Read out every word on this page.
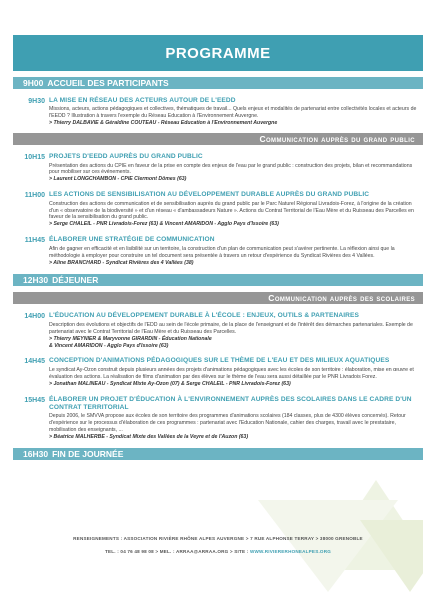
PROGRAMME
9H00 ACCUEIL DES PARTICIPANTS
9H30 LA MISE EN RÉSEAU DES ACTEURS AUTOUR DE L'EEDD
Missions, acteurs, actions pédagogiques et collectives, thématiques de travail... Quels enjeux et modalités de partenariat entre collectivités locales et acteurs de l'EEDD ? Illustration à travers l'exemple du Réseau Education à l'Environnement Auvergne.
> Thierry DALBAVIE & Géraldine COUTEAU - Réseau Education à l'Environnement Auvergne
Communication auprès du grand public
10H15 PROJETS D'EEDD AUPRÈS DU GRAND PUBLIC
Présentation des actions du CPIE en faveur de la prise en compte des enjeux de l'eau par le grand public : construction des projets, bilan et recommandations pour mobiliser sur ces événements.
> Laurent LONGCHAMBON - CPIE Clermont Dômes (63)
11H00 LES ACTIONS DE SENSIBILISATION AU DÉVELOPPEMENT DURABLE AUPRÈS DU GRAND PUBLIC
Construction des actions de communication et de sensibilisation auprès du grand public par le Parc Naturel Régional Livradois-Forez, à l'origine de la création d'un « observatoire de la biodiversité » et d'un réseau « d'ambassadeurs Nature ». Actions du Contrat Territorial de l'Eau Mère et du Ruisseau des Parcelles en faveur de la sensibilisation du grand public.
> Serge CHALEIL - PNR Livradois-Forez (63) & Vincent AMARIDON - Agglo Pays d'Issoire (63)
11H45 ÉLABORER UNE STRATÉGIE DE COMMUNICATION
Afin de gagner en efficacité et en lisibilité sur un territoire, la construction d'un plan de communication peut s'avérer pertinente. La réflexion ainsi que la méthodologie à employer pour construire un tel document sera présentée à travers un retour d'expérience du Syndicat Rivières des 4 Vallées.
> Aline BRANCHARD - Syndicat Rivières des 4 Vallées (38)
12H30 DÉJEUNER
Communication auprès des scolaires
14H00 L'ÉDUCATION AU DÉVELOPPEMENT DURABLE À L'ÉCOLE : ENJEUX, OUTILS & PARTENAIRES
Description des évolutions et objectifs de l'EDD au sein de l'école primaire, de la place de l'enseignant et de l'intérêt des démarches partenariales. Exemple de partenariat avec le Contrat Territorial de l'Eau Mère et du Ruisseau des Parcelles.
> Thierry MEYNIER & Maryvonne GIRARDIN - Éducation Nationale
& Vincent AMARIDON - Agglo Pays d'Issoire (63)
14H45 CONCEPTION D'ANIMATIONS PÉDAGOGIQUES SUR LE THÈME DE L'EAU ET DES MILIEUX AQUATIQUES
Le syndicat Ay-Ozon construit depuis plusieurs années des projets d'animations pédagogiques avec les écoles de son territoire : élaboration, mise en œuvre et évaluation des actions. La réalisation de films d'animation par des élèves sur le thème de l'eau sera aussi détaillée par le PNR Livradois Forez.
> Jonathan MALINEAU - Syndicat Mixte Ay-Ozon (07) & Serge CHALEIL - PNR Livradois-Forez (63)
15H45 ÉLABORER UN PROJET D'ÉDUCATION À L'ENVIRONNEMENT AUPRÈS DES SCOLAIRES DANS LE CADRE D'UN CONTRAT TERRITORIAL
Depuis 2006, le SMVVA propose aux écoles de son territoire des programmes d'animations scolaires (184 classes, plus de 4300 élèves concernés). Retour d'expérience sur le processus d'élaboration de ces programmes : partenariat avec l'Education Nationale, cahier des charges, travail avec le prestataire, mobilisation des enseignants, ...
> Béatrice MALHERBE - Syndicat Mixte des Vallées de la Veyre et de l'Auzon (63)
16H30 FIN DE JOURNÉE
RENSEIGNEMENTS : ASSOCIATION RIVIÈRE RHÔNE ALPES AUVERGNE > 7 RUE ALPHONSE TERRAY > 38000 GRENOBLE
TEL. : 04 76 48 98 08 > MEL. : ARRAA@ARRAA.ORG > SITE : WWW.RIVIERERHONEALPES.ORG
